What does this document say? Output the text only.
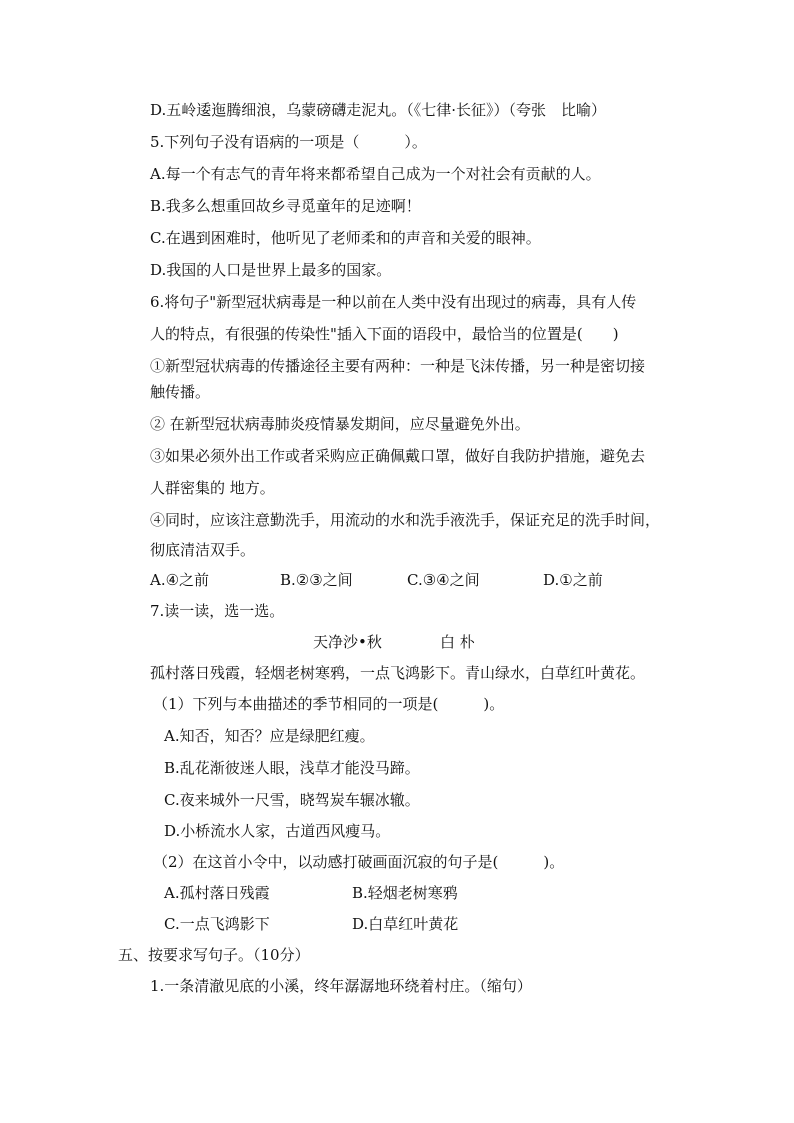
D.五岭逶迤腾细浪，乌蒙磅礴走泥丸。（《七律·长征》）（夸张　比喻）
5.下列句子没有语病的一项是（　　　）。
A.每一个有志气的青年将来都希望自己成为一个对社会有贡献的人。
B.我多么想重回故乡寻觅童年的足迹啊！
C.在遇到困难时，他听见了老师柔和的声音和关爱的眼神。
D.我国的人口是世界上最多的国家。
6.将句子"新型冠状病毒是一种以前在人类中没有出现过的病毒，具有人传
人的特点，有很强的传染性"插入下面的语段中，最恰当的位置是(　　)
①新型冠状病毒的传播途径主要有两种：一种是飞沫传播，另一种是密切接
触传播。
② 在新型冠状病毒肺炎疫情暴发期间，应尽量避免外出。
③如果必须外出工作或者采购应正确佩戴口罩，做好自我防护措施，避免去
人群密集的 地方。
④同时，应该注意勤洗手，用流动的水和洗手液洗手，保证充足的洗手时间，
彻底清洁双手。
A.④之前	B.②③之间	C.③④之间	D.①之前
7.读一读，选一选。
天净沙•秋	白 朴
孤村落日残霞，轻烟老树寒鸦，一点飞鸿影下。青山绿水，白草红叶黄花。
（1）下列与本曲描述的季节相同的一项是(　　　)。
A.知否，知否？应是绿肥红瘦。
B.乱花渐彼迷人眼，浅草才能没马蹄。
C.夜来城外一尺雪，晓驾炭车辗冰辙。
D.小桥流水人家，古道西风瘦马。
（2）在这首小令中，以动感打破画面沉寂的句子是(　　　)。
A.孤村落日残霞	B.轻烟老树寒鸦
C.一点飞鸿影下	D.白草红叶黄花
五、按要求写句子。（10分）
1.一条清澈见底的小溪，终年潺潺地环绕着村庄。（缩句）
